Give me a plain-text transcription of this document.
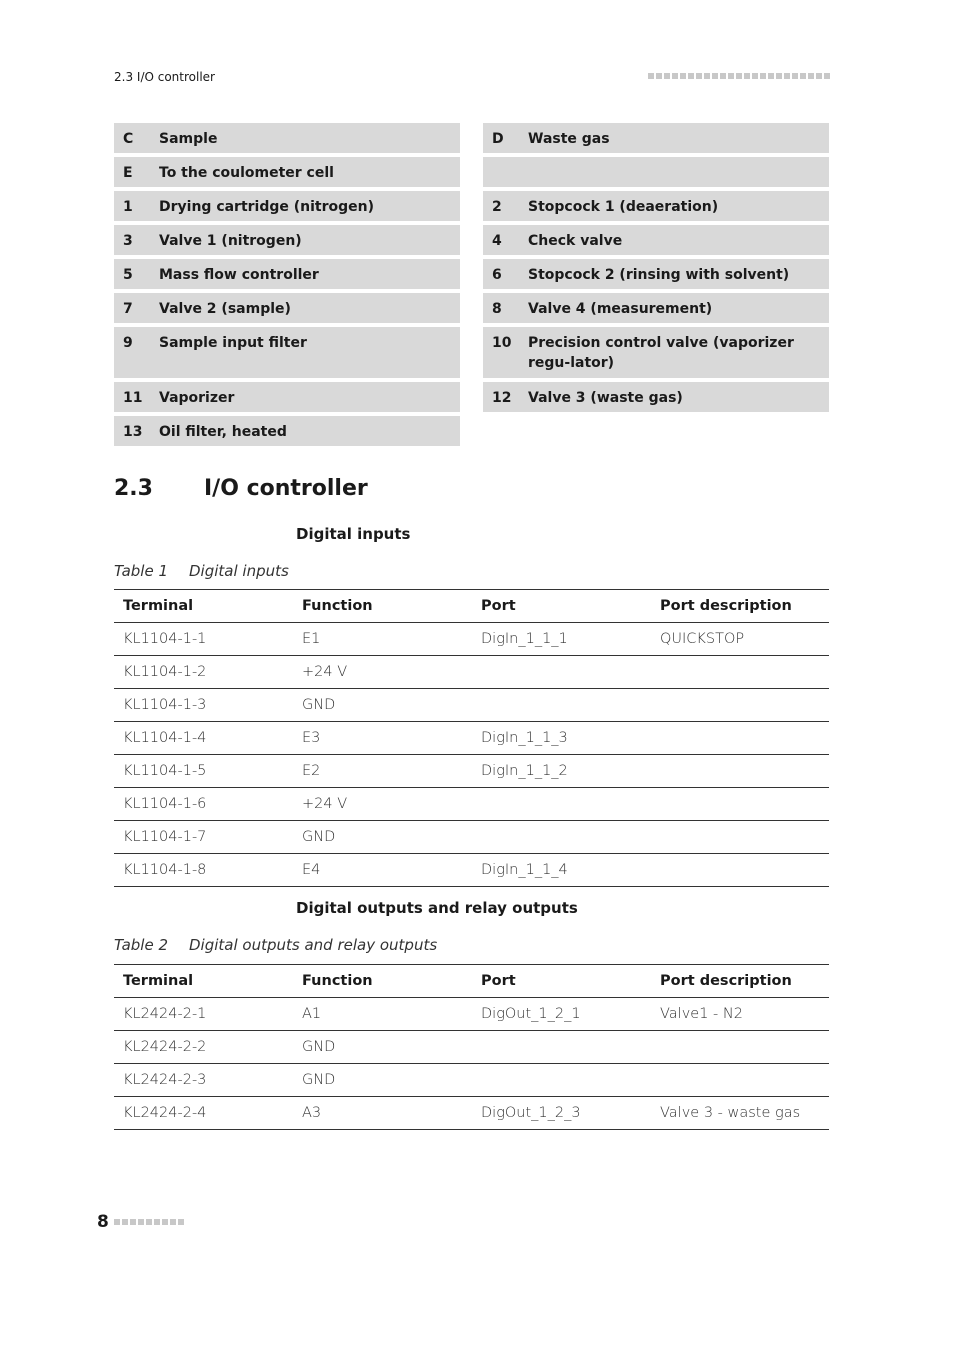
2.3 I/O controller
C	Sample
E	To the coulometer cell
1	Drying cartridge (nitrogen)
3	Valve 1 (nitrogen)
5	Mass flow controller
7	Valve 2 (sample)
9	Sample input filter
11	Vaporizer
13	Oil filter, heated
D	Waste gas
2	Stopcock 1 (deaeration)
4	Check valve
6	Stopcock 2 (rinsing with solvent)
8	Valve 4 (measurement)
10	Precision control valve (vaporizer regu-lator)
12	Valve 3 (waste gas)
2.3	I/O controller
Digital inputs
Table 1 Digital inputs
Terminal	Function	Port	Port description
KL1104-1-1	E1	DigIn_1_1_1	QUICKSTOP
KL1104-1-2	+24 V		
KL1104-1-3	GND		
KL1104-1-4	E3	DigIn_1_1_3	
KL1104-1-5	E2	DigIn_1_1_2	
KL1104-1-6	+24 V		
KL1104-1-7	GND		
KL1104-1-8	E4	DigIn_1_1_4	
Digital outputs and relay outputs
Table 2 Digital outputs and relay outputs
Terminal	Function	Port	Port description
KL2424-2-1	A1	DigOut_1_2_1	Valve1 - N2
KL2424-2-2	GND		
KL2424-2-3	GND		
KL2424-2-4	A3	DigOut_1_2_3	Valve 3 - waste gas
8
